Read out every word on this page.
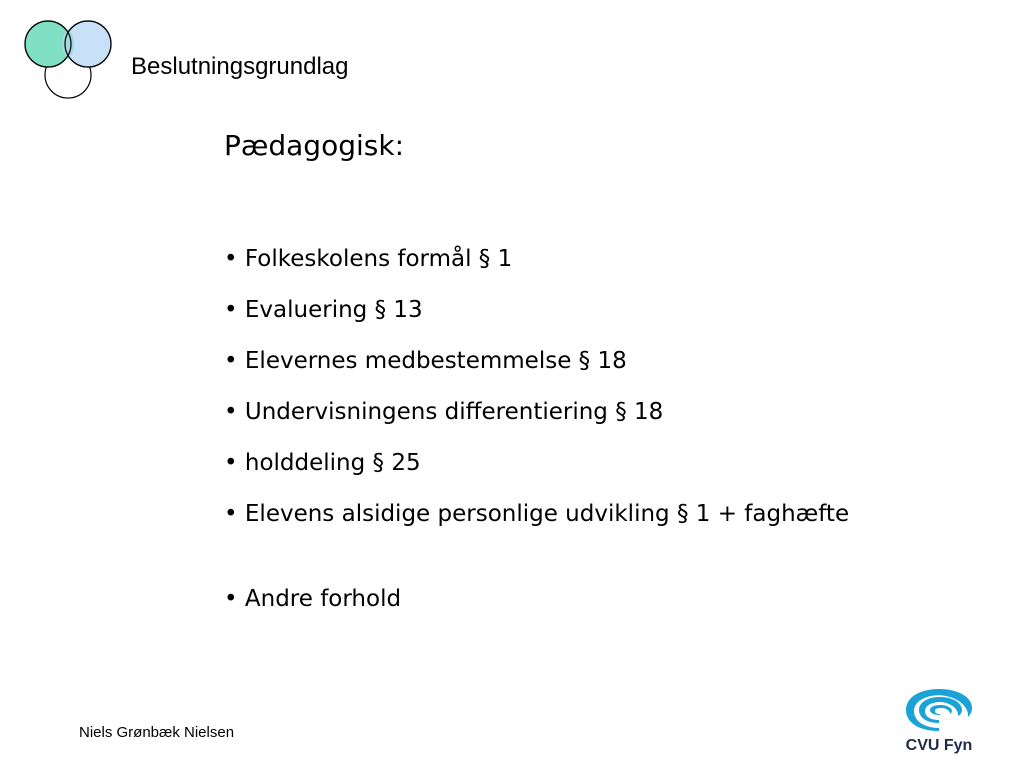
Beslutningsgrundlag
Pædagogisk:
• Folkeskolens formål § 1
• Evaluering § 13
• Elevernes medbestemmelse § 18
• Undervisningens differentiering § 18
• holddeling § 25
• Elevens alsidige personlige udvikling § 1 + faghæfte
• Andre forhold
Niels Grønbæk Nielsen
CVU Fyn
